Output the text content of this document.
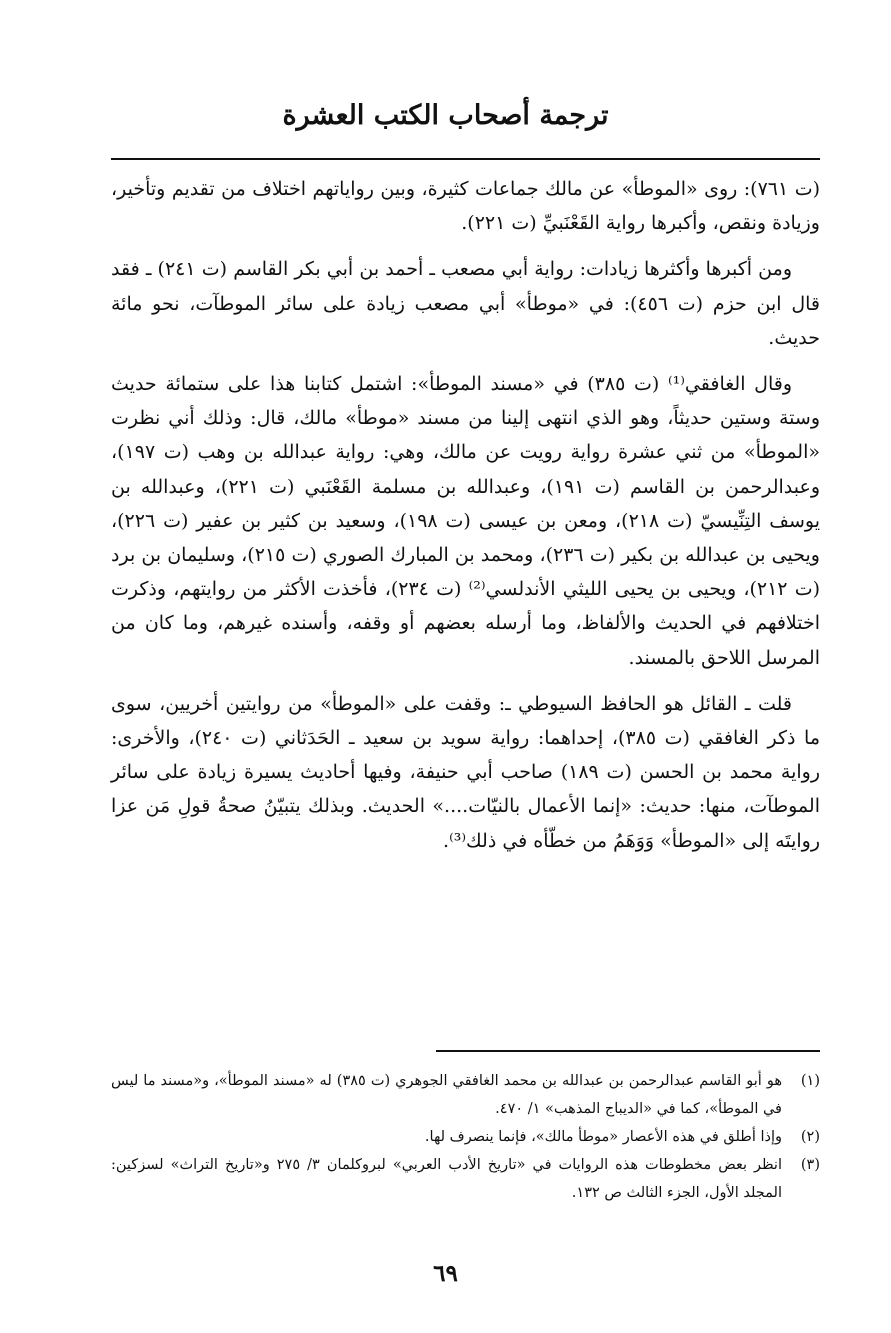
ترجمة أصحاب الكتب العشرة

(ت ٧٦١): روى «الموطأ» عن مالك جماعات كثيرة، وبين رواياتهم اختلاف من تقديم وتأخير، وزيادة ونقص، وأكبرها رواية القَعْنَبيِّ (ت ٢٢١).

ومن أكبرها وأكثرها زيادات: رواية أبي مصعب ـ أحمد بن أبي بكر القاسم (ت ٢٤١) ـ فقد قال ابن حزم (ت ٤٥٦): في «موطأ» أبي مصعب زيادة على سائر الموطآت، نحو مائة حديث.

وقال الغافقي⁽¹⁾ (ت ٣٨٥) في «مسند الموطأ»: اشتمل كتابنا هذا على ستمائة حديث وستة وستين حديثاً، وهو الذي انتهى إلينا من مسند «موطأ» مالك، قال: وذلك أني نظرت «الموطأ» من ثني عشرة رواية رويت عن مالك، وهي: رواية عبدالله بن وهب (ت ١٩٧)، وعبدالرحمن بن القاسم (ت ١٩١)، وعبدالله بن مسلمة القَعْنَبي (ت ٢٢١)، وعبدالله بن يوسف التِنِّيسيّ (ت ٢١٨)، ومعن بن عيسى (ت ١٩٨)، وسعيد بن كثير بن عفير (ت ٢٢٦)، ويحيى بن عبدالله بن بكير (ت ٢٣٦)، ومحمد بن المبارك الصوري (ت ٢١٥)، وسليمان بن برد (ت ٢١٢)، ويحيى بن يحيى الليثي الأندلسي⁽²⁾ (ت ٢٣٤)، فأخذت الأكثر من روايتهم، وذكرت اختلافهم في الحديث والألفاظ، وما أرسله بعضهم أو وقفه، وأسنده غيرهم، وما كان من المرسل اللاحق بالمسند.

قلت ـ القائل هو الحافظ السيوطي ـ: وقفت على «الموطأ» من روايتين أخريين، سوى ما ذكر الغافقي (ت ٣٨٥)، إحداهما: رواية سويد بن سعيد ـ الحَدَثاني (ت ٢٤٠)، والأخرى: رواية محمد بن الحسن (ت ١٨٩) صاحب أبي حنيفة، وفيها أحاديث يسيرة زيادة على سائر الموطآت، منها: حديث: «إنما الأعمال بالنيّات....» الحديث. وبذلك يتبيّنُ صحةُ قولِ مَن عزا روايتَه إلى «الموطأ» وَوَهَمُ من خطّأه في ذلك⁽³⁾.

(١)
هو أبو القاسم عبدالرحمن بن عبدالله بن محمد الغافقي الجوهري (ت ٣٨٥) له «مسند الموطأ»، و«مسند ما ليس في الموطأ»، كما في «الديباج المذهب» ١/ ٤٧٠.
(٢)
وإذا أطلق في هذه الأعصار «موطأ مالك»، فإنما ينصرف لها.
(٣)
انظر بعض مخطوطات هذه الروايات في «تاريخ الأدب العربي» لبروكلمان ٣/ ٢٧٥ و«تاريخ التراث» لسزكين: المجلد الأول، الجزء الثالث ص ١٣٢.
٦٩
